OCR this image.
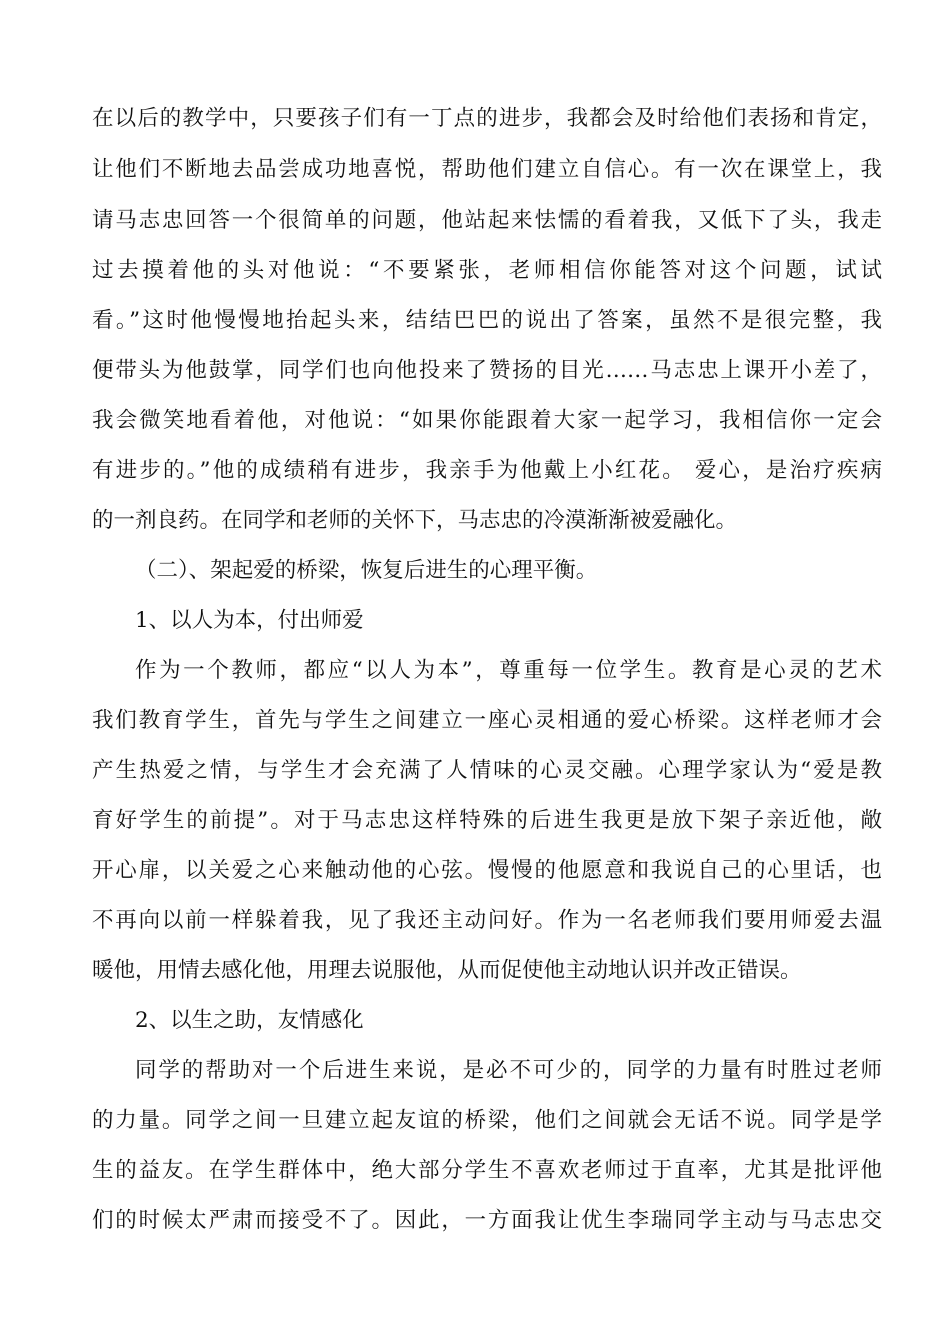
在以后的教学中，只要孩子们有一丁点的进步，我都会及时给他们表扬和肯定，
让他们不断地去品尝成功地喜悦，帮助他们建立自信心。有一次在课堂上，我
请马志忠回答一个很简单的问题，他站起来怯懦的看着我，又低下了头，我走
过去摸着他的头对他说：“不要紧张，老师相信你能答对这个问题，试试
看。”这时他慢慢地抬起头来，结结巴巴的说出了答案，虽然不是很完整，我
便带头为他鼓掌，同学们也向他投来了赞扬的目光……马志忠上课开小差了，
我会微笑地看着他，对他说：“如果你能跟着大家一起学习，我相信你一定会
有进步的。”他的成绩稍有进步，我亲手为他戴上小红花。 爱心，是治疗疾病
的一剂良药。在同学和老师的关怀下，马志忠的冷漠渐渐被爱融化。
（二）、架起爱的桥梁，恢复后进生的心理平衡。
1、以人为本，付出师爱
作为一个教师，都应“以人为本”，尊重每一位学生。教育是心灵的艺术
我们教育学生，首先与学生之间建立一座心灵相通的爱心桥梁。这样老师才会
产生热爱之情，与学生才会充满了人情味的心灵交融。心理学家认为“爱是教
育好学生的前提”。对于马志忠这样特殊的后进生我更是放下架子亲近他，敞
开心扉，以关爱之心来触动他的心弦。慢慢的他愿意和我说自己的心里话，也
不再向以前一样躲着我，见了我还主动问好。作为一名老师我们要用师爱去温
暖他，用情去感化他，用理去说服他，从而促使他主动地认识并改正错误。
2、以生之助，友情感化
同学的帮助对一个后进生来说，是必不可少的，同学的力量有时胜过老师
的力量。同学之间一旦建立起友谊的桥梁，他们之间就会无话不说。同学是学
生的益友。在学生群体中，绝大部分学生不喜欢老师过于直率，尤其是批评他
们的时候太严肃而接受不了。因此，一方面我让优生李瑞同学主动与马志忠交
